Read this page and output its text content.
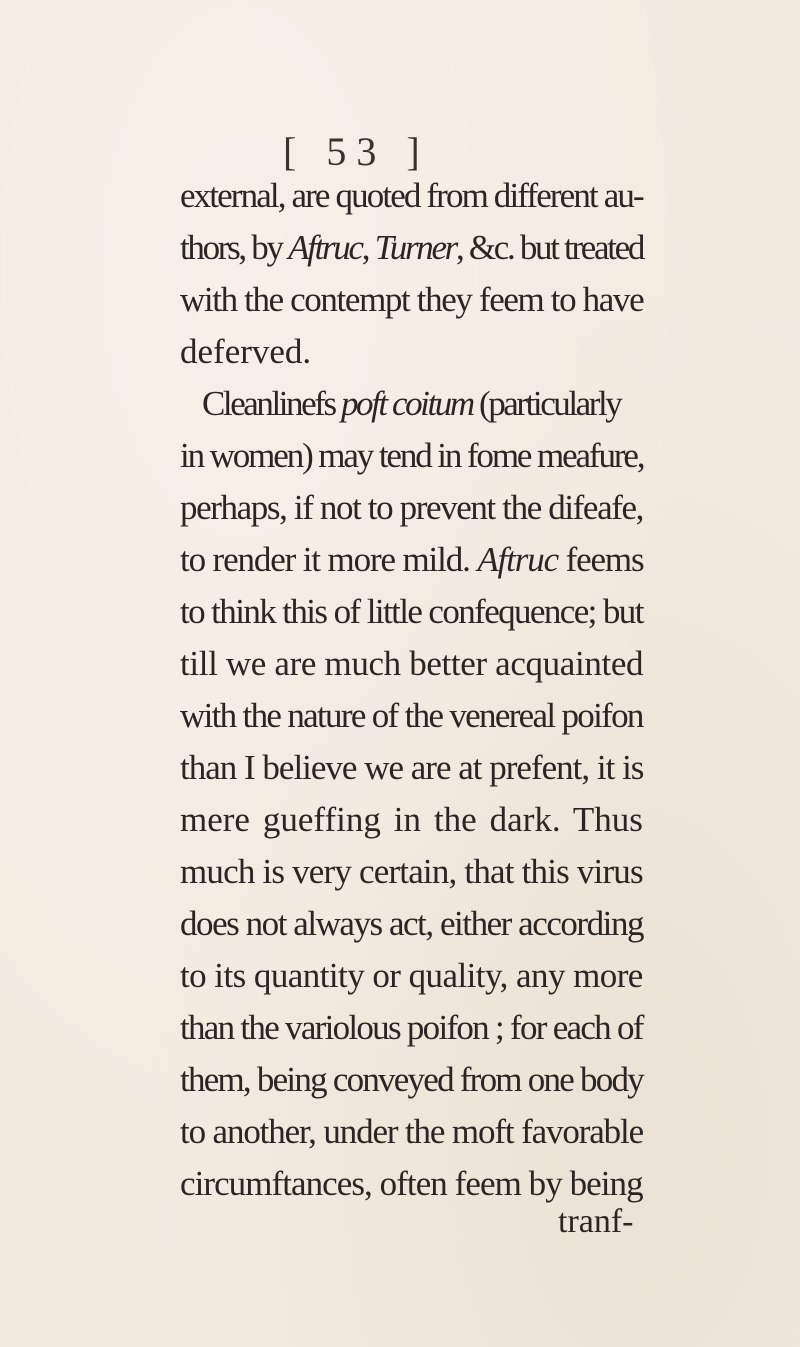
[ 53 ]
external, are quoted from different au-
thors, by Aftruc, Turner, &c. but treated
with the contempt they feem to have
deferved.
Cleanlinefs poft coitum (particularly
in women) may tend in fome meafure,
perhaps, if not to prevent the difeafe,
to render it more mild. Aftruc feems
to think this of little confequence; but
till we are much better acquainted
with the nature of the venereal poifon
than I believe we are at prefent, it is
mere gueffing in the dark. Thus
much is very certain, that this virus
does not always act, either according
to its quantity or quality, any more
than the variolous poifon ; for each of
them, being conveyed from one body
to another, under the moft favorable
circumftances, often feem by being
tranf-
